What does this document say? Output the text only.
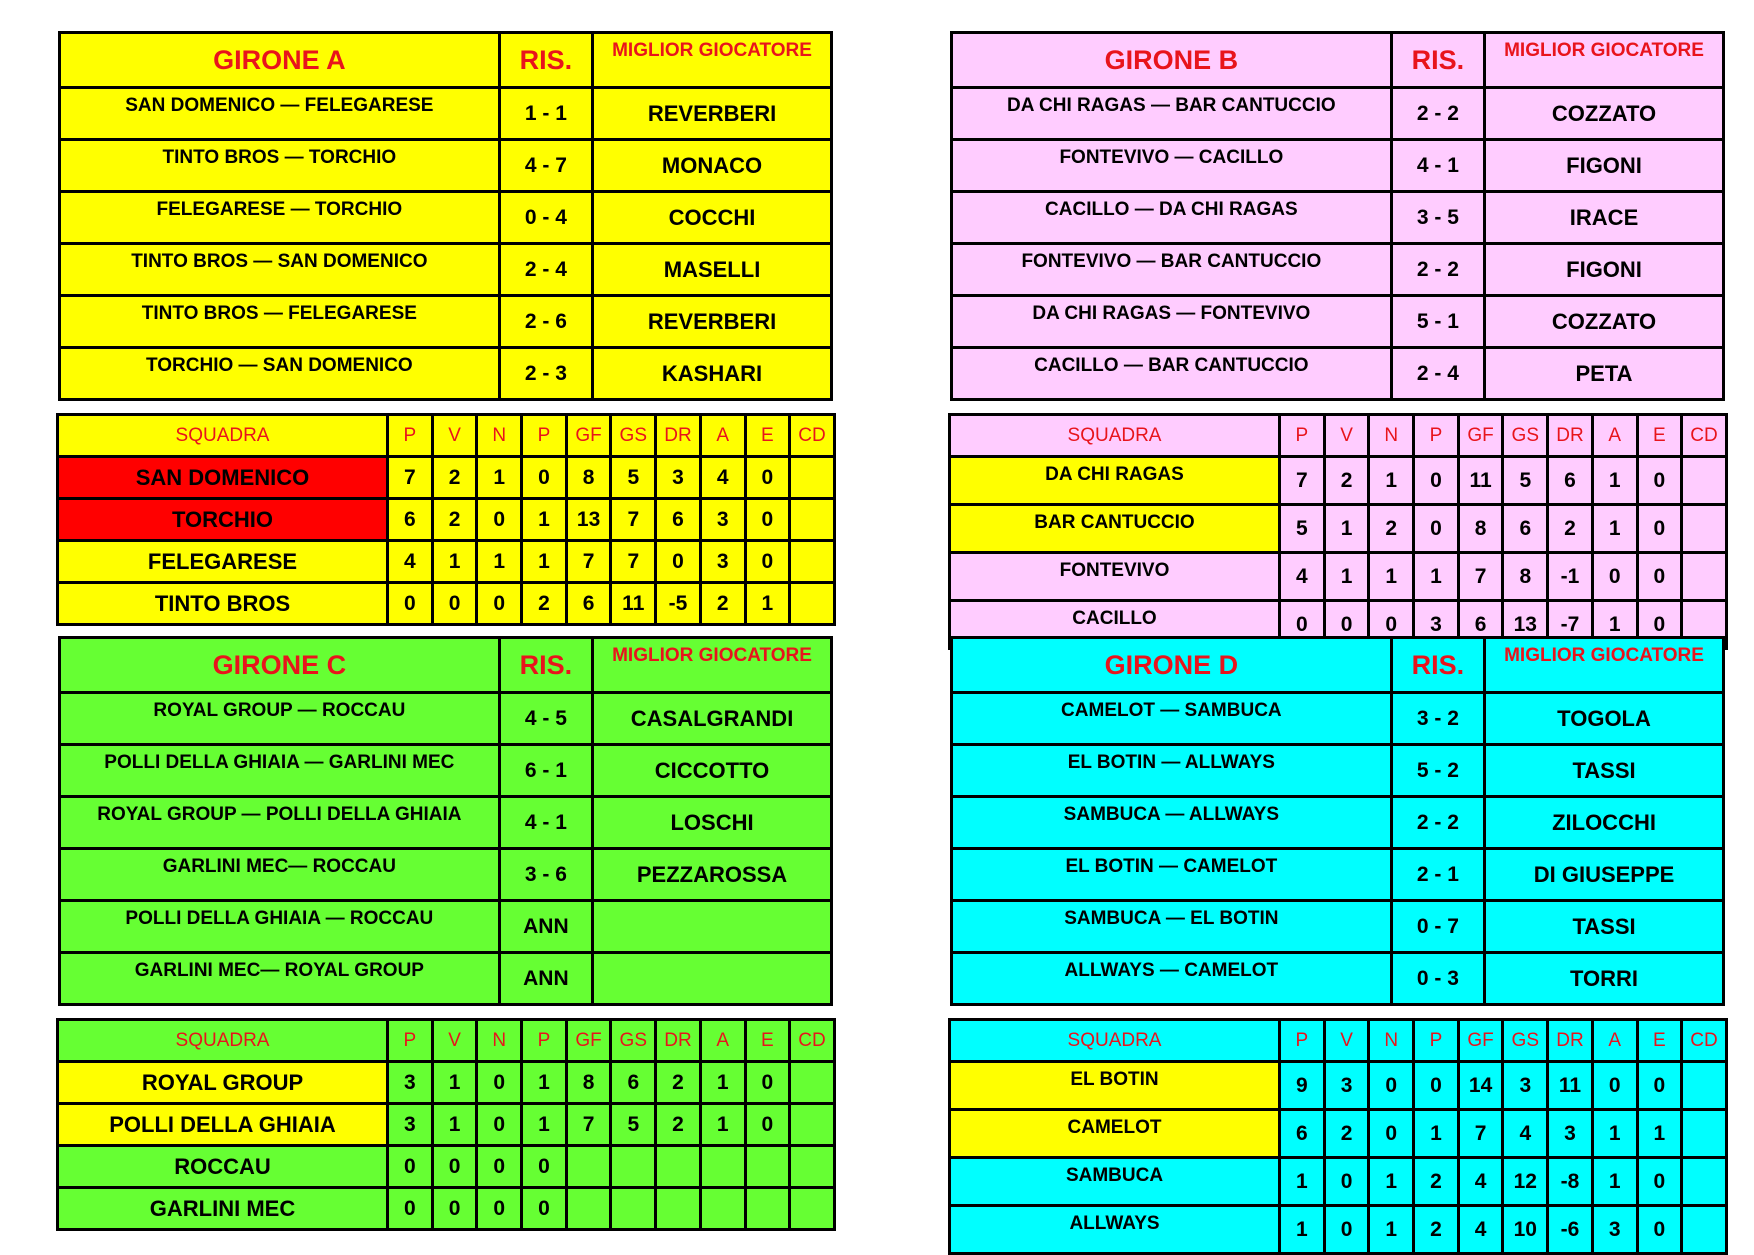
GIRONE A	RIS.	MIGLIOR GIOCATORE
SAN DOMENICO — FELEGARESE	1 - 1	REVERBERI
TINTO BROS — TORCHIO	4 - 7	MONACO
FELEGARESE — TORCHIO	0 - 4	COCCHI
TINTO BROS — SAN DOMENICO	2 - 4	MASELLI
TINTO BROS — FELEGARESE	2 - 6	REVERBERI
TORCHIO — SAN DOMENICO	2 - 3	KASHARI
SQUADRA	P	V	N	P	GF	GS	DR	A	E	CD
SAN DOMENICO	7	2	1	0	8	5	3	4	0	
TORCHIO	6	2	0	1	13	7	6	3	0	
FELEGARESE	4	1	1	1	7	7	0	3	0	
TINTO BROS	0	0	0	2	6	11	-5	2	1	
GIRONE B	RIS.	MIGLIOR GIOCATORE
DA CHI RAGAS — BAR CANTUCCIO	2 - 2	COZZATO
FONTEVIVO — CACILLO	4 - 1	FIGONI
CACILLO — DA CHI RAGAS	3 - 5	IRACE
FONTEVIVO — BAR CANTUCCIO	2 - 2	FIGONI
DA CHI RAGAS — FONTEVIVO	5 - 1	COZZATO
CACILLO — BAR CANTUCCIO	2 - 4	PETA
SQUADRA	P	V	N	P	GF	GS	DR	A	E	CD
DA CHI RAGAS	7	2	1	0	11	5	6	1	0	
BAR CANTUCCIO	5	1	2	0	8	6	2	1	0	
FONTEVIVO	4	1	1	1	7	8	-1	0	0	
CACILLO	0	0	0	3	6	13	-7	1	0	
GIRONE C	RIS.	MIGLIOR GIOCATORE
ROYAL GROUP — ROCCAU	4 - 5	CASALGRANDI
POLLI DELLA GHIAIA — GARLINI MEC	6 - 1	CICCOTTO
ROYAL GROUP — POLLI DELLA GHIAIA	4 - 1	LOSCHI
GARLINI MEC— ROCCAU	3 - 6	PEZZAROSSA
POLLI DELLA GHIAIA — ROCCAU	ANN	
GARLINI MEC— ROYAL GROUP	ANN	
SQUADRA	P	V	N	P	GF	GS	DR	A	E	CD
ROYAL GROUP	3	1	0	1	8	6	2	1	0	
POLLI DELLA GHIAIA	3	1	0	1	7	5	2	1	0	
ROCCAU	0	0	0	0						
GARLINI MEC	0	0	0	0						
GIRONE D	RIS.	MIGLIOR GIOCATORE
CAMELOT — SAMBUCA	3 - 2	TOGOLA
EL BOTIN — ALLWAYS	5 - 2	TASSI
SAMBUCA — ALLWAYS	2 - 2	ZILOCCHI
EL BOTIN — CAMELOT	2 - 1	DI GIUSEPPE
SAMBUCA — EL BOTIN	0 - 7	TASSI
ALLWAYS — CAMELOT	0 - 3	TORRI
SQUADRA	P	V	N	P	GF	GS	DR	A	E	CD
EL BOTIN	9	3	0	0	14	3	11	0	0	
CAMELOT	6	2	0	1	7	4	3	1	1	
SAMBUCA	1	0	1	2	4	12	-8	1	0	
ALLWAYS	1	0	1	2	4	10	-6	3	0	
